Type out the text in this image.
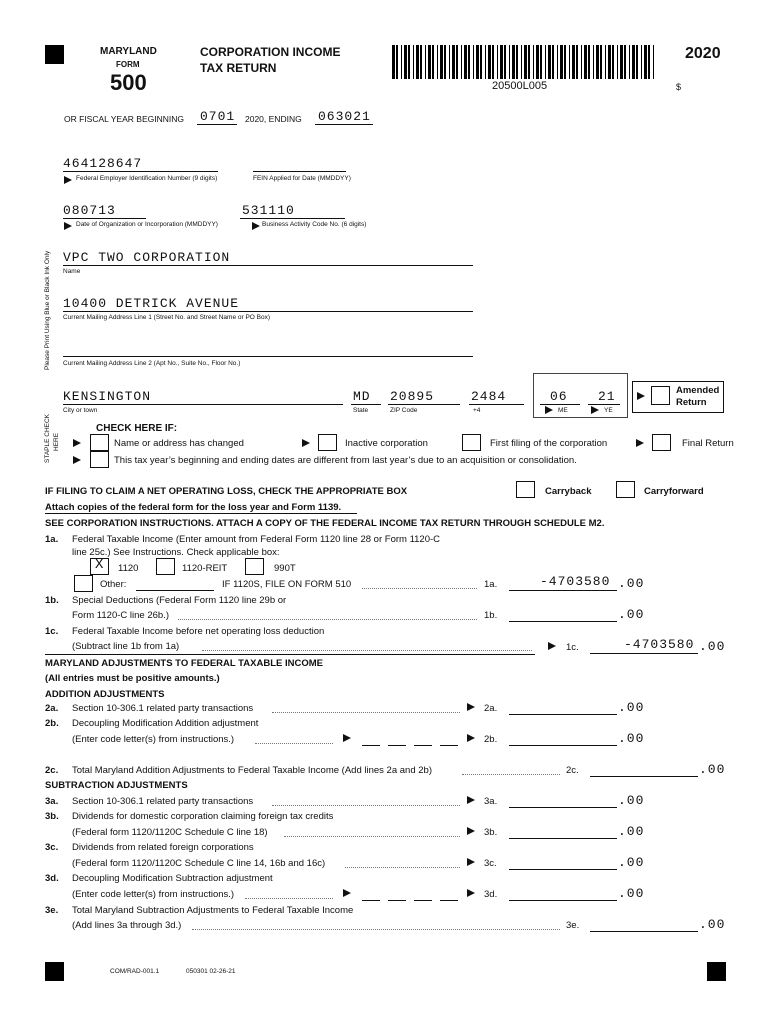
MARYLAND
FORM
500
CORPORATION INCOME
TAX RETURN
20500L005
2020
$
OR FISCAL YEAR BEGINNING 0701 2020, ENDING 063021
Please Print Using Blue or Black Ink Only
STAPLE CHECK HERE
464128647
Federal Employer Identification Number (9 digits)	FEIN Applied for Date (MMDDYY)
080713
Date of Organization or Incorporation (MMDDYY)
531110
Business Activity Code No. (6 digits)
VPC TWO CORPORATION
Name
10400 DETRICK AVENUE
Current Mailing Address Line 1 (Street No. and Street Name or PO Box)
Current Mailing Address Line 2 (Apt No., Suite No., Floor No.)
KENSINGTON
City or town
MD
State
20895
ZIP Code
2484
+4
06
ME
21
YE
Amended
Return
CHECK HERE IF:
Name or address has changed	Inactive corporation	First filing of the corporation	Final Return
This tax year’s beginning and ending dates are different from last year’s due to an acquisition or consolidation.
IF FILING TO CLAIM A NET OPERATING LOSS, CHECK THE APPROPRIATE BOX	Carryback	Carryforward
Attach copies of the federal form for the loss year and Form 1139.
SEE CORPORATION INSTRUCTIONS. ATTACH A COPY OF THE FEDERAL INCOME TAX RETURN THROUGH SCHEDULE M2.
1a. Federal Taxable Income (Enter amount from Federal Form 1120 line 28 or Form 1120-C
line 25c.) See Instructions. Check applicable box:
X 1120	1120-REIT	990T
Other:	IF 1120S, FILE ON FORM 510	1a.	-4703580 .00
1b. Special Deductions (Federal Form 1120 line 29b or
Form 1120-C line 26b.)	1b.	.00
1c. Federal Taxable Income before net operating loss deduction
(Subtract line 1b from 1a)	1c.	-4703580 .00
MARYLAND ADJUSTMENTS TO FEDERAL TAXABLE INCOME
(All entries must be positive amounts.)
ADDITION ADJUSTMENTS
2a. Section 10-306.1 related party transactions	2a.	.00
2b. Decoupling Modification Addition adjustment
(Enter code letter(s) from instructions.)	2b.	.00
2c. Total Maryland Addition Adjustments to Federal Taxable Income (Add lines 2a and 2b)	2c.	.00
SUBTRACTION ADJUSTMENTS
3a. Section 10-306.1 related party transactions	3a.	.00
3b. Dividends for domestic corporation claiming foreign tax credits
(Federal form 1120/1120C Schedule C line 18)	3b.	.00
3c. Dividends from related foreign corporations
(Federal form 1120/1120C Schedule C line 14, 16b and 16c)	3c.	.00
3d. Decoupling Modification Subtraction adjustment
(Enter code letter(s) from instructions.)	3d.	.00
3e. Total Maryland Subtraction Adjustments to Federal Taxable Income
(Add lines 3a through 3d.)	3e.	.00
COM/RAD-001.1	050301 02-26-21
